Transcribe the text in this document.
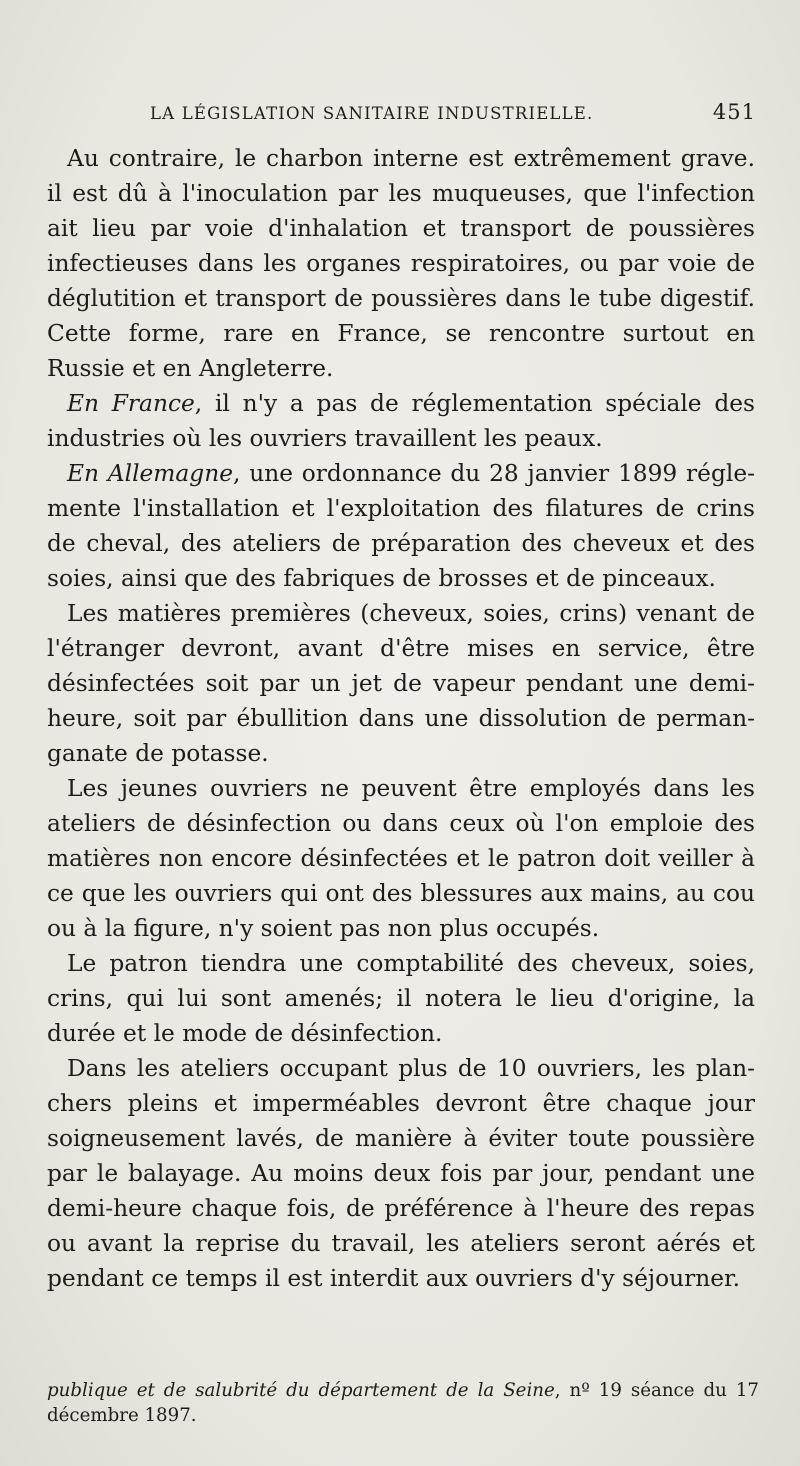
LA LÉGISLATION SANITAIRE INDUSTRIELLE.	451

Au contraire, le charbon interne est extrêmement grave. il est dû à l'inoculation par les muqueuses, que l'infection ait lieu par voie d'inhalation et transport de poussières infectieuses dans les organes respiratoires, ou par voie de déglutition et transport de poussières dans le tube digestif. Cette forme, rare en France, se rencontre surtout en Russie et en Angleterre.

En France, il n'y a pas de réglementation spéciale des industries où les ouvriers travaillent les peaux.

En Allemagne, une ordonnance du 28 janvier 1899 réglemente l'installation et l'exploitation des filatures de crins de cheval, des ateliers de préparation des cheveux et des soies, ainsi que des fabriques de brosses et de pinceaux.

Les matières premières (cheveux, soies, crins) venant de l'étranger devront, avant d'être mises en service, être désinfectées soit par un jet de vapeur pendant une demi-heure, soit par ébullition dans une dissolution de permanganate de potasse.

Les jeunes ouvriers ne peuvent être employés dans les ateliers de désinfection ou dans ceux où l'on emploie des matières non encore désinfectées et le patron doit veiller à ce que les ouvriers qui ont des blessures aux mains, au cou ou à la figure, n'y soient pas non plus occupés.

Le patron tiendra une comptabilité des cheveux, soies, crins, qui lui sont amenés; il notera le lieu d'origine, la durée et le mode de désinfection.

Dans les ateliers occupant plus de 10 ouvriers, les planchers pleins et imperméables devront être chaque jour soigneusement lavés, de manière à éviter toute poussière par le balayage. Au moins deux fois par jour, pendant une demi-heure chaque fois, de préférence à l'heure des repas ou avant la reprise du travail, les ateliers seront aérés et pendant ce temps il est interdit aux ouvriers d'y séjourner.

publique et de salubrité du département de la Seine, nº 19 séance du 17 décembre 1897.
